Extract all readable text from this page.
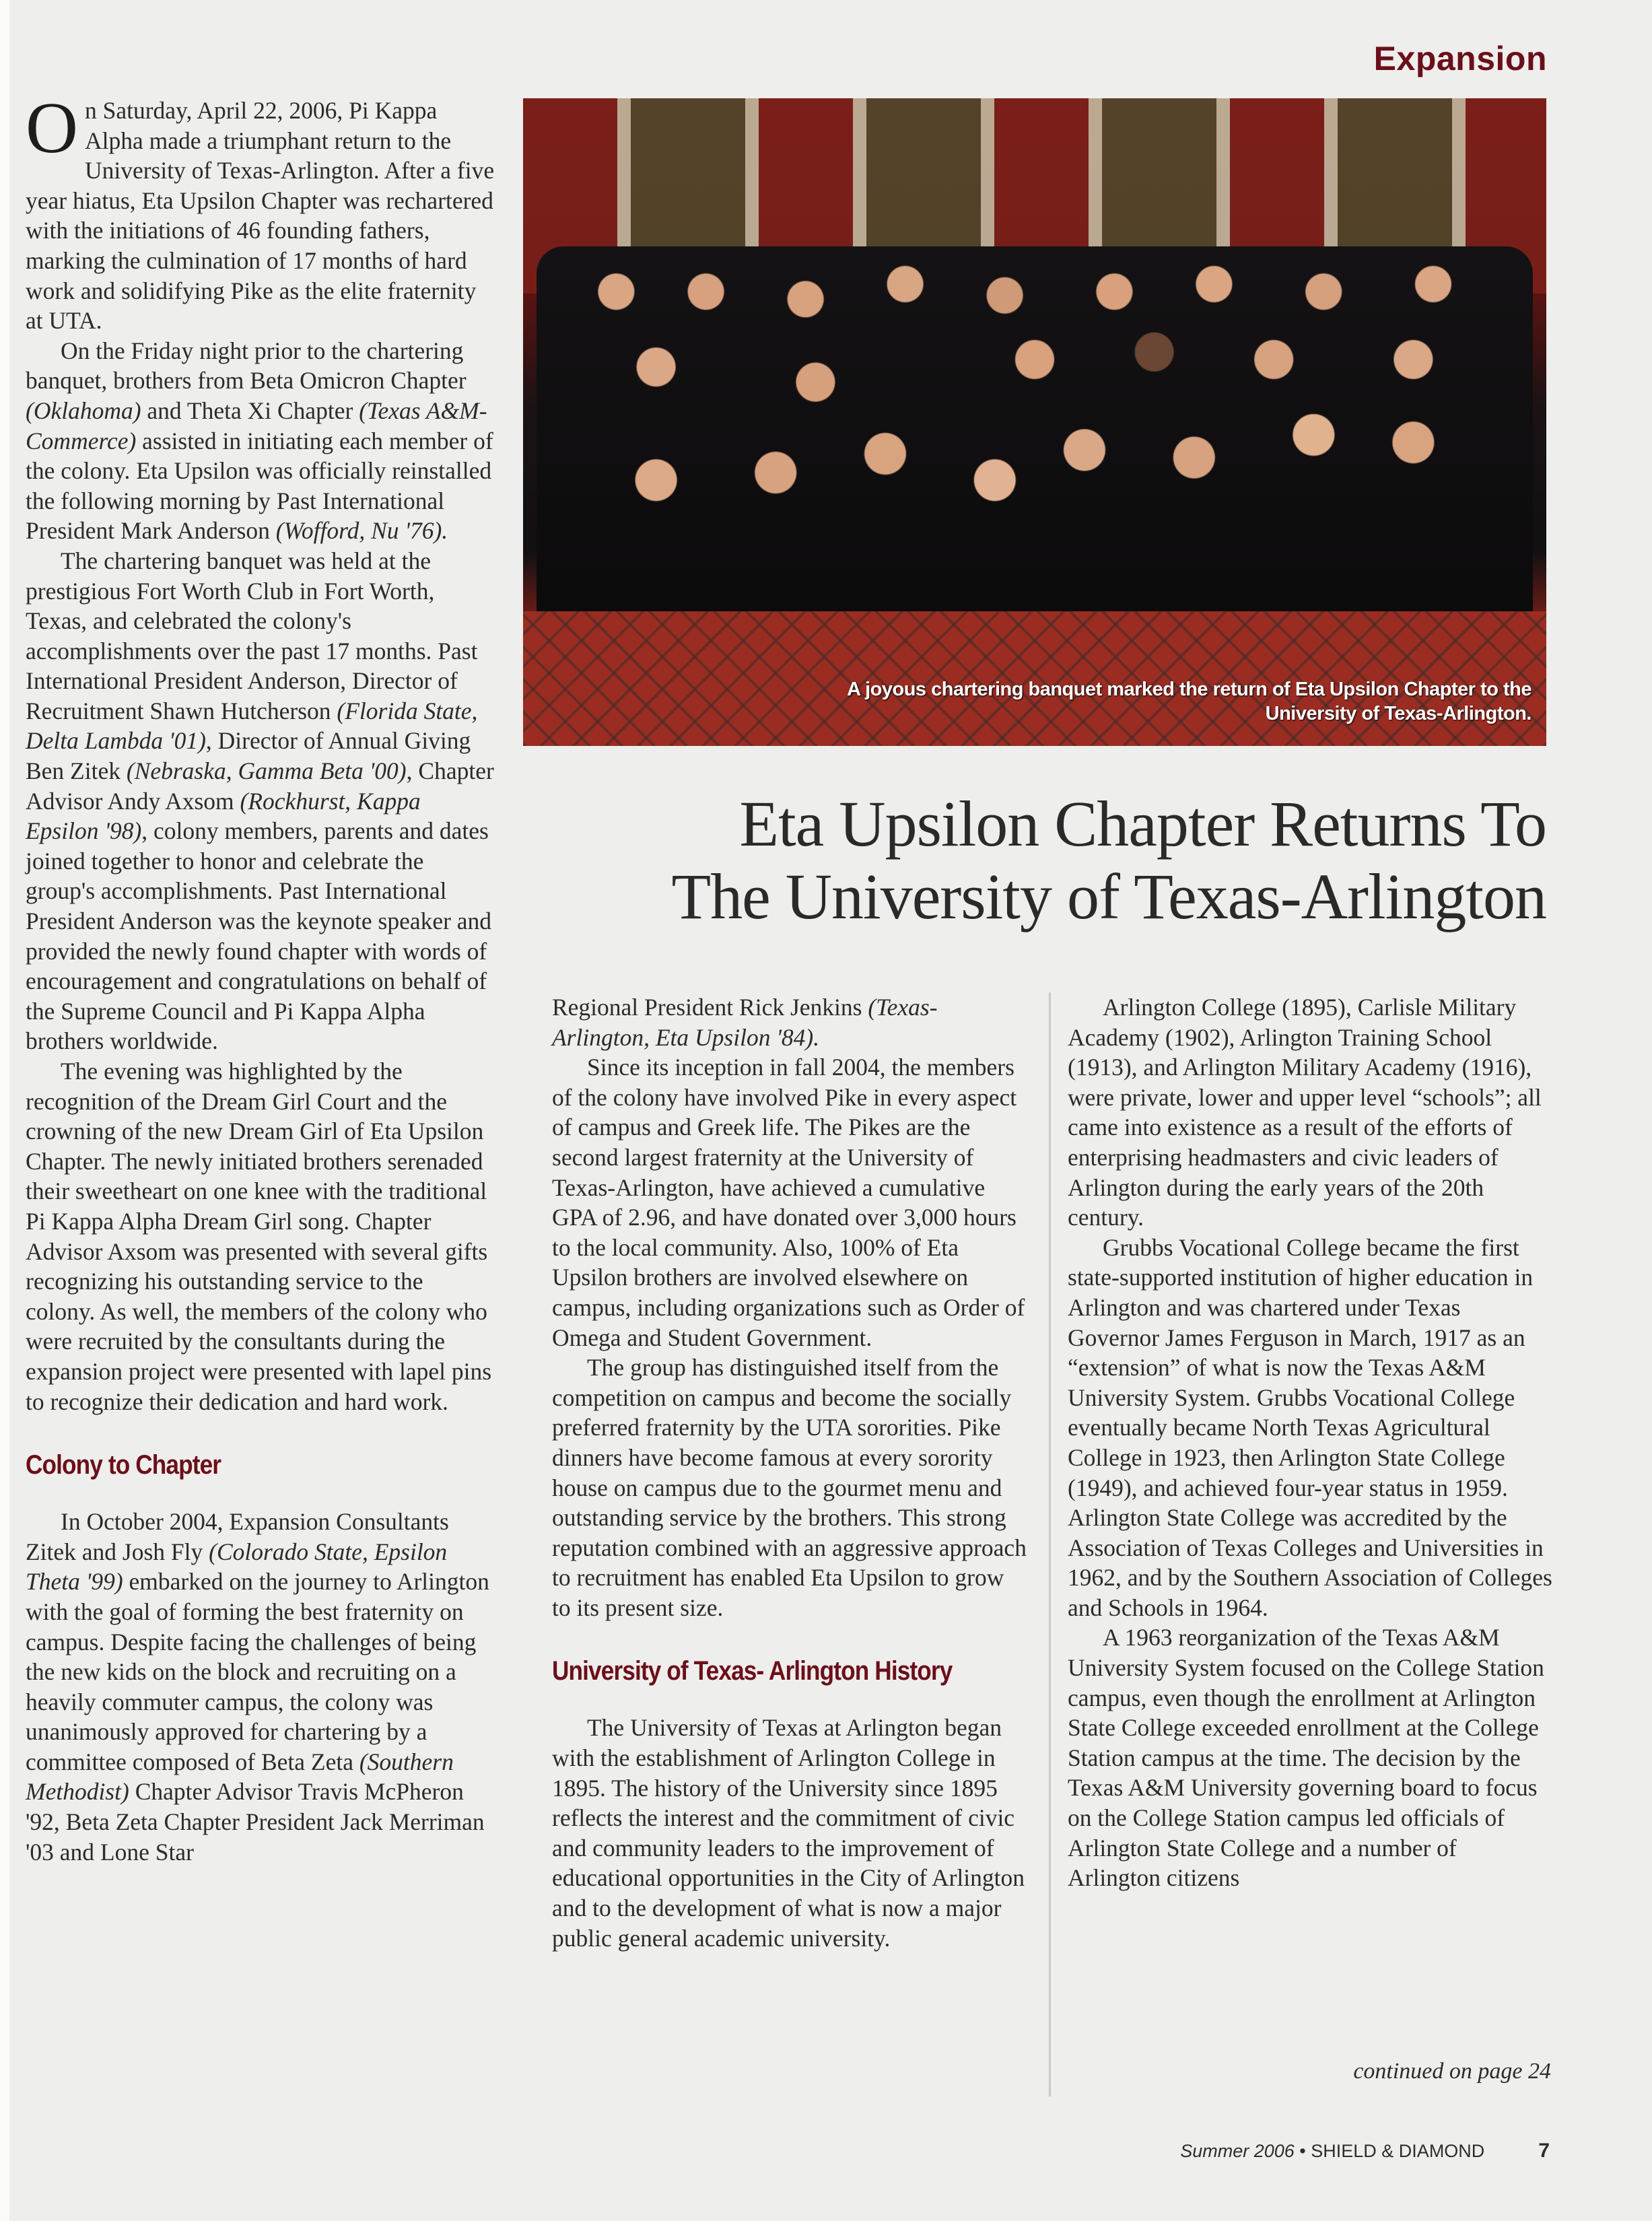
Expansion

On Saturday, April 22, 2006, Pi Kappa Alpha made a triumphant return to the University of Texas-Arlington. After a five year hiatus, Eta Upsilon Chapter was rechartered with the initiations of 46 founding fathers, marking the culmination of 17 months of hard work and solidifying Pike as the elite fraternity at UTA.

On the Friday night prior to the chartering banquet, brothers from Beta Omicron Chapter (Oklahoma) and Theta Xi Chapter (Texas A&M-Commerce) assisted in initiating each member of the colony. Eta Upsilon was officially reinstalled the following morning by Past International President Mark Anderson (Wofford, Nu '76).

The chartering banquet was held at the prestigious Fort Worth Club in Fort Worth, Texas, and celebrated the colony's accomplishments over the past 17 months. Past International President Anderson, Director of Recruitment Shawn Hutcherson (Florida State, Delta Lambda '01), Director of Annual Giving Ben Zitek (Nebraska, Gamma Beta '00), Chapter Advisor Andy Axsom (Rockhurst, Kappa Epsilon '98), colony members, parents and dates joined together to honor and celebrate the group's accomplishments. Past International President Anderson was the keynote speaker and provided the newly found chapter with words of encouragement and congratulations on behalf of the Supreme Council and Pi Kappa Alpha brothers worldwide.

The evening was highlighted by the recognition of the Dream Girl Court and the crowning of the new Dream Girl of Eta Upsilon Chapter. The newly initiated brothers serenaded their sweetheart on one knee with the traditional Pi Kappa Alpha Dream Girl song. Chapter Advisor Axsom was presented with several gifts recognizing his outstanding service to the colony. As well, the members of the colony who were recruited by the consultants during the expansion project were presented with lapel pins to recognize their dedication and hard work.

Colony to Chapter

In October 2004, Expansion Consultants Zitek and Josh Fly (Colorado State, Epsilon Theta '99) embarked on the journey to Arlington with the goal of forming the best fraternity on campus. Despite facing the challenges of being the new kids on the block and recruiting on a heavily commuter campus, the colony was unanimously approved for chartering by a committee composed of Beta Zeta (Southern Methodist) Chapter Advisor Travis McPheron '92, Beta Zeta Chapter President Jack Merriman '03 and Lone Star

A joyous chartering banquet marked the return of Eta Upsilon Chapter to the
University of Texas-Arlington.
Eta Upsilon Chapter Returns To
The University of Texas-Arlington

Regional President Rick Jenkins (Texas-Arlington, Eta Upsilon '84).

Since its inception in fall 2004, the members of the colony have involved Pike in every aspect of campus and Greek life. The Pikes are the second largest fraternity at the University of Texas-Arlington, have achieved a cumulative GPA of 2.96, and have donated over 3,000 hours to the local community. Also, 100% of Eta Upsilon brothers are involved elsewhere on campus, including organizations such as Order of Omega and Student Government.

The group has distinguished itself from the competition on campus and become the socially preferred fraternity by the UTA sororities. Pike dinners have become famous at every sorority house on campus due to the gourmet menu and outstanding service by the brothers. This strong reputation combined with an aggressive approach to recruitment has enabled Eta Upsilon to grow to its present size.

University of Texas- Arlington History

The University of Texas at Arlington began with the establishment of Arlington College in 1895. The history of the University since 1895 reflects the interest and the commitment of civic and community leaders to the improvement of educational opportunities in the City of Arlington and to the development of what is now a major public general academic university.

Arlington College (1895), Carlisle Military Academy (1902), Arlington Training School (1913), and Arlington Military Academy (1916), were private, lower and upper level “schools”; all came into existence as a result of the efforts of enterprising headmasters and civic leaders of Arlington during the early years of the 20th century.

Grubbs Vocational College became the first state-supported institution of higher education in Arlington and was chartered under Texas Governor James Ferguson in March, 1917 as an “extension” of what is now the Texas A&M University System. Grubbs Vocational College eventually became North Texas Agricultural College in 1923, then Arlington State College (1949), and achieved four-year status in 1959. Arlington State College was accredited by the Association of Texas Colleges and Universities in 1962, and by the Southern Association of Colleges and Schools in 1964.

A 1963 reorganization of the Texas A&M University System focused on the College Station campus, even though the enrollment at Arlington State College exceeded enrollment at the College Station campus at the time. The decision by the Texas A&M University governing board to focus on the College Station campus led officials of Arlington State College and a number of Arlington citizens

continued on page 24
Summer 2006 • SHIELD & DIAMOND	7
